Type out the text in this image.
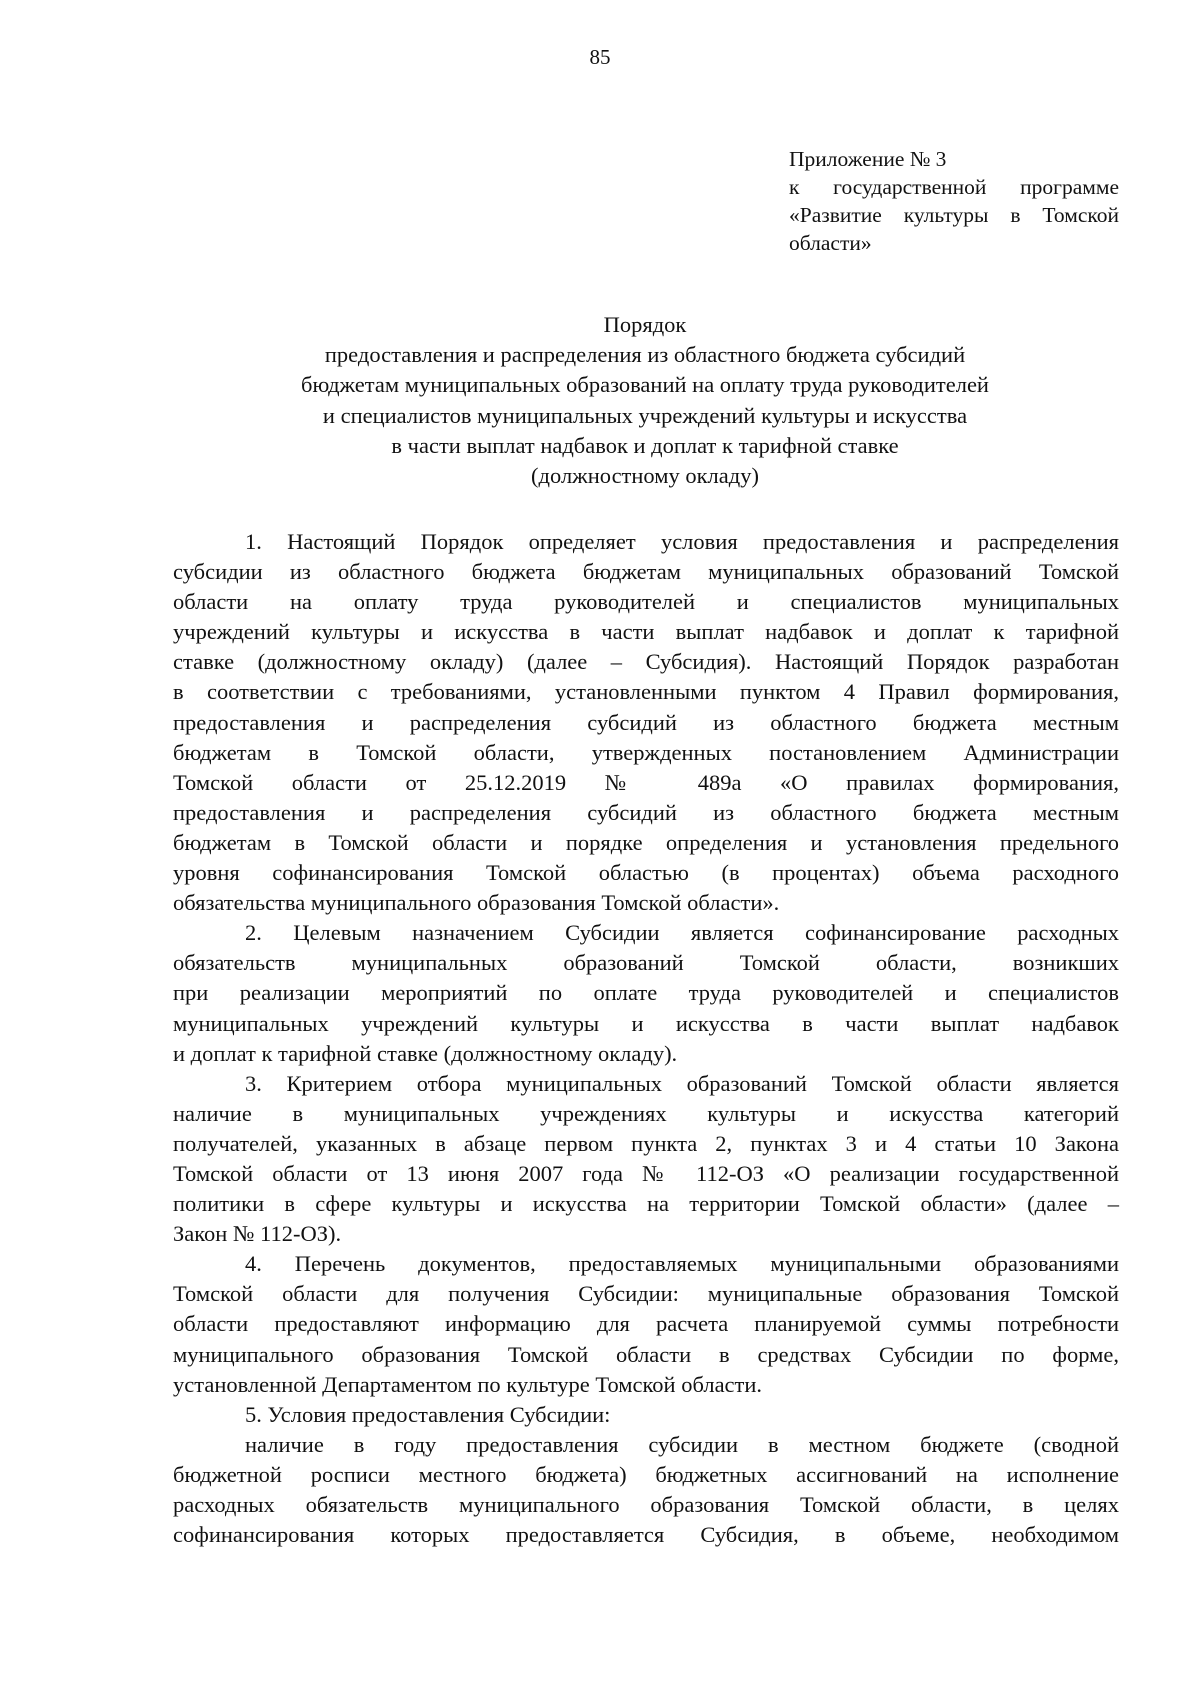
85
Приложение № 3
к государственной программе
«Развитие культуры в Томской
области»
Порядок
предоставления и распределения из областного бюджета субсидий
бюджетам муниципальных образований на оплату труда руководителей
и специалистов муниципальных учреждений культуры и искусства
в части выплат надбавок и доплат к тарифной ставке
(должностному окладу)
1. Настоящий Порядок определяет условия предоставления и распределения
субсидии из областного бюджета бюджетам муниципальных образований Томской
области на оплату труда руководителей и специалистов муниципальных
учреждений культуры и искусства в части выплат надбавок и доплат к тарифной
ставке (должностному окладу) (далее – Субсидия). Настоящий Порядок разработан
в соответствии с требованиями, установленными пунктом 4 Правил формирования,
предоставления и распределения субсидий из областного бюджета местным
бюджетам в Томской области, утвержденных постановлением Администрации
Томской области от 25.12.2019 № 489а «О правилах формирования,
предоставления и распределения субсидий из областного бюджета местным
бюджетам в Томской области и порядке определения и установления предельного
уровня софинансирования Томской областью (в процентах) объема расходного
обязательства муниципального образования Томской области».
2. Целевым назначением Субсидии является софинансирование расходных
обязательств муниципальных образований Томской области, возникших
при реализации мероприятий по оплате труда руководителей и специалистов
муниципальных учреждений культуры и искусства в части выплат надбавок
и доплат к тарифной ставке (должностному окладу).
3. Критерием отбора муниципальных образований Томской области является
наличие в муниципальных учреждениях культуры и искусства категорий
получателей, указанных в абзаце первом пункта 2, пунктах 3 и 4 статьи 10 Закона
Томской области от 13 июня 2007 года № 112-ОЗ «О реализации государственной
политики в сфере культуры и искусства на территории Томской области» (далее –
Закон № 112-ОЗ).
4. Перечень документов, предоставляемых муниципальными образованиями
Томской области для получения Субсидии: муниципальные образования Томской
области предоставляют информацию для расчета планируемой суммы потребности
муниципального образования Томской области в средствах Субсидии по форме,
установленной Департаментом по культуре Томской области.
5. Условия предоставления Субсидии:
наличие в году предоставления субсидии в местном бюджете (сводной
бюджетной росписи местного бюджета) бюджетных ассигнований на исполнение
расходных обязательств муниципального образования Томской области, в целях
софинансирования которых предоставляется Субсидия, в объеме, необходимом
